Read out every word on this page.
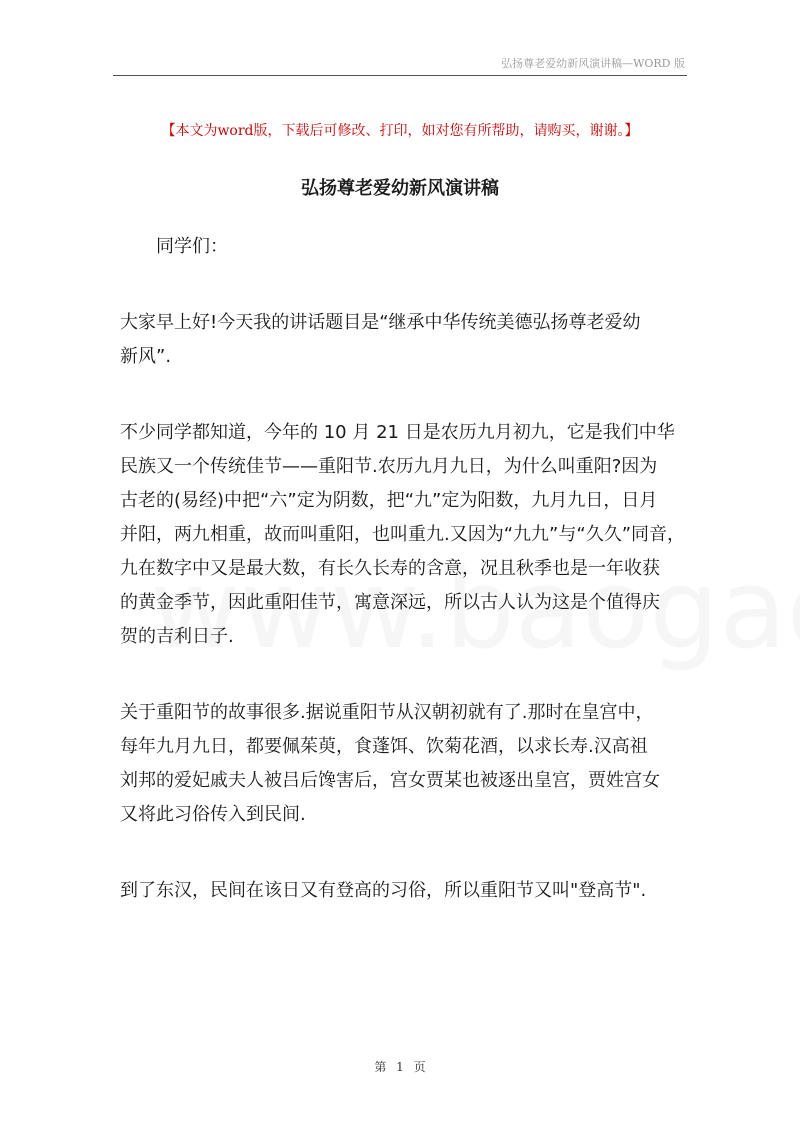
弘扬尊老爱幼新风演讲稿—WORD 版
【本文为word版，下载后可修改、打印，如对您有所帮助，请购买，谢谢。】
弘扬尊老爱幼新风演讲稿

同学们：

大家早上好!今天我的讲话题目是“继承中华传统美德弘扬尊老爱幼
新风”.

不少同学都知道，今年的 10 月 21 日是农历九月初九，它是我们中华
民族又一个传统佳节——重阳节.农历九月九日，为什么叫重阳?因为
古老的(易经)中把“六”定为阴数，把“九”定为阳数，九月九日，日月
并阳，两九相重，故而叫重阳，也叫重九.又因为“九九”与“久久”同音，
九在数字中又是最大数，有长久长寿的含意，况且秋季也是一年收获
的黄金季节，因此重阳佳节，寓意深远，所以古人认为这是个值得庆
贺的吉利日子.

关于重阳节的故事很多.据说重阳节从汉朝初就有了.那时在皇宫中，
每年九月九日，都要佩茱萸，食蓬饵、饮菊花酒，以求长寿.汉高祖
刘邦的爱妃戚夫人被吕后馋害后，宫女贾某也被逐出皇宫，贾姓宫女
又将此习俗传入到民间.

到了东汉，民间在该日又有登高的习俗，所以重阳节又叫"登高节".

第 1 页
